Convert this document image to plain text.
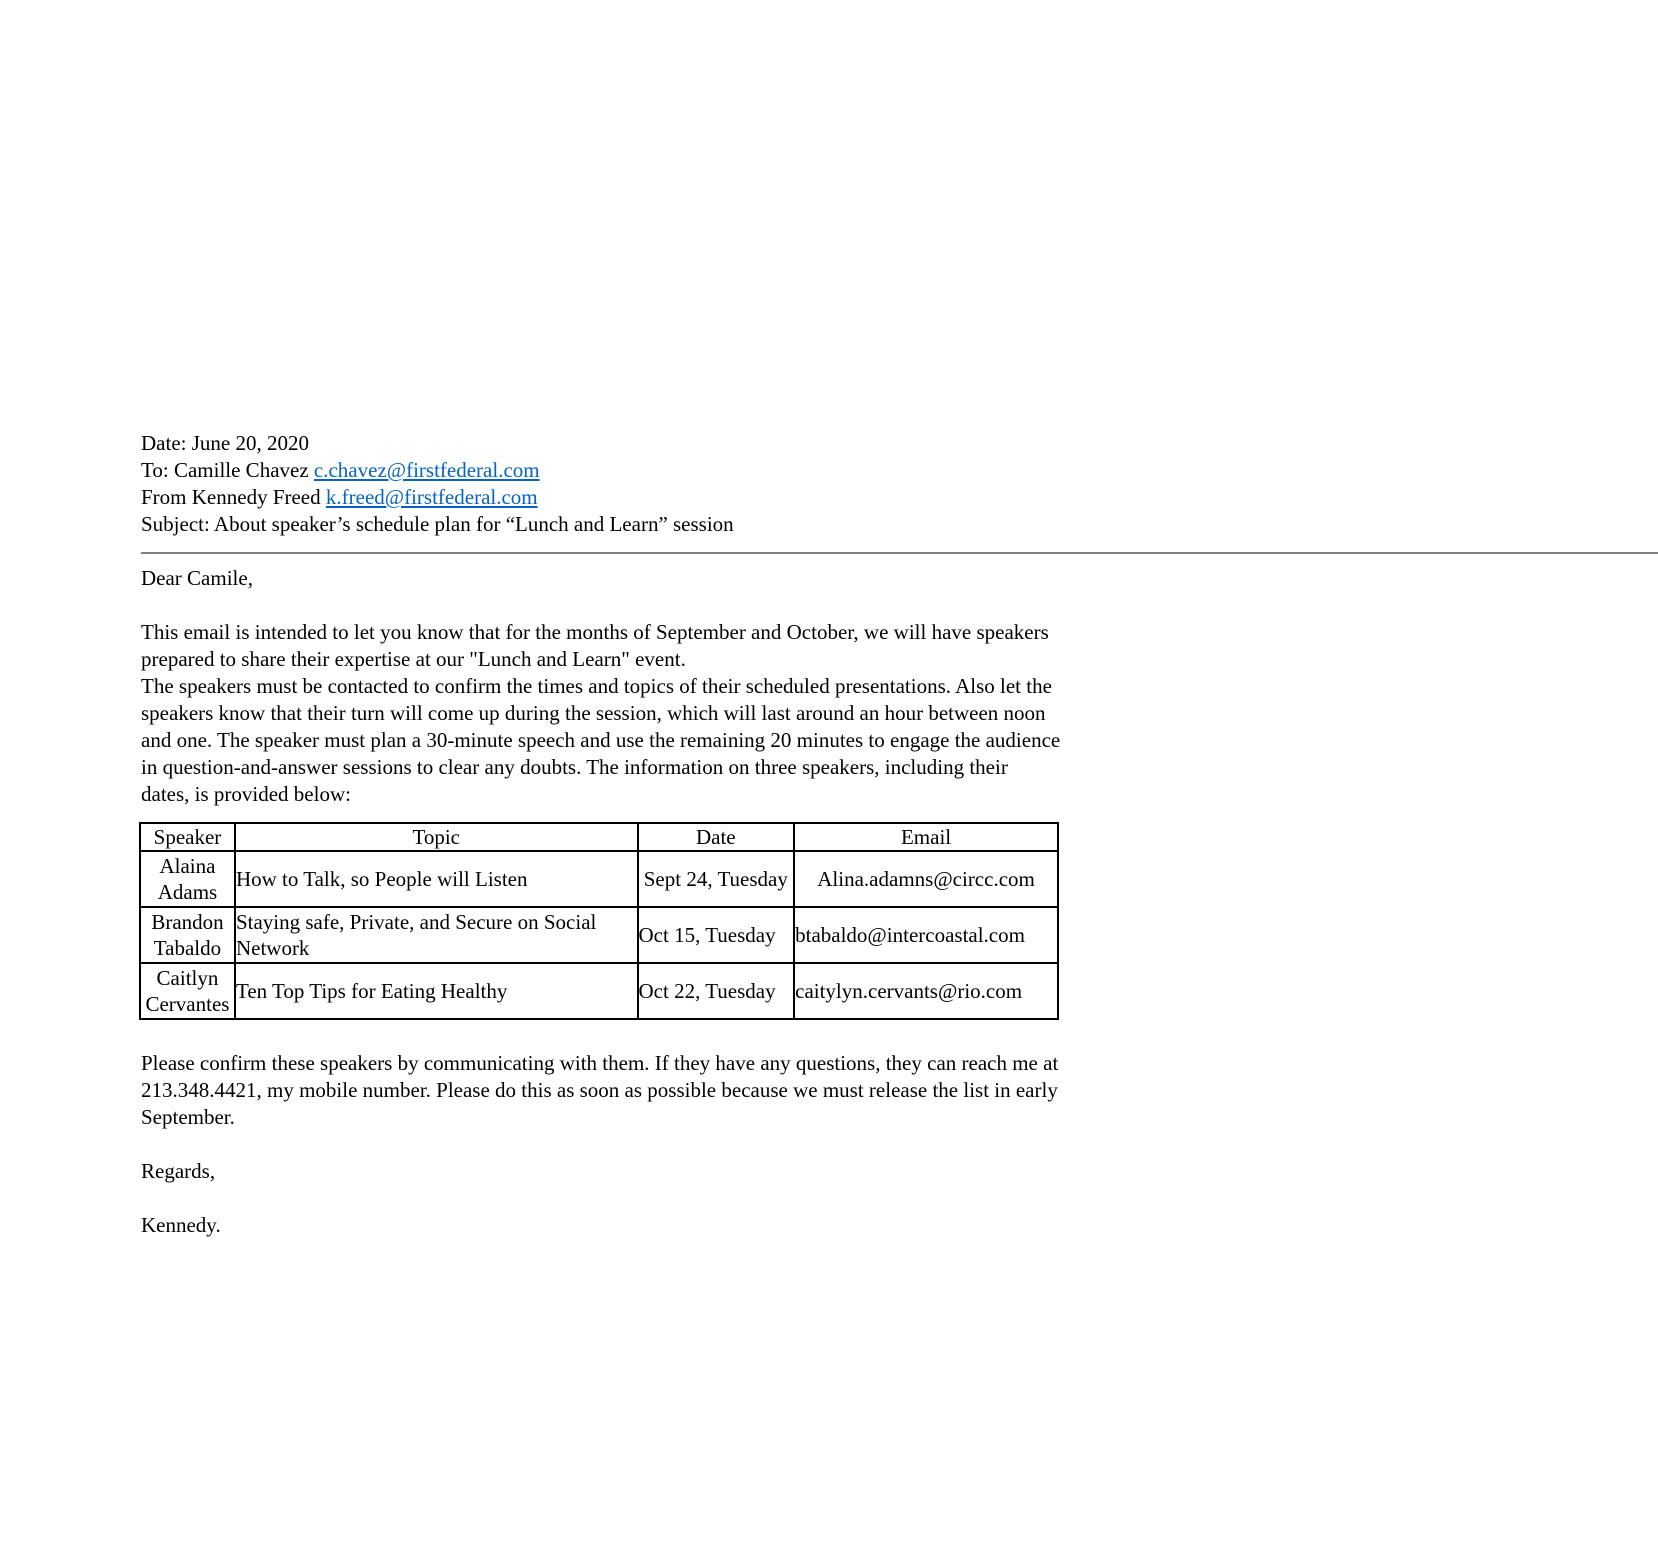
Date: June 20, 2020
To: Camille Chavez c.chavez@firstfederal.com
From Kennedy Freed k.freed@firstfederal.com
Subject: About speaker’s schedule plan for “Lunch and Learn” session
——————————————————————————————————————————————————————————————————————————
Dear Camile,

This email is intended to let you know that for the months of September and October, we will have speakers prepared to share their expertise at our "Lunch and Learn" event.

The speakers must be contacted to confirm the times and topics of their scheduled presentations. Also let the speakers know that their turn will come up during the session, which will last around an hour between noon and one. The speaker must plan a 30-minute speech and use the remaining 20 minutes to engage the audience in question-and-answer sessions to clear any doubts. The information on three speakers, including their dates, is provided below:

Speaker	Topic	Date	Email
Alaina Adams	How to Talk, so People will Listen	Sept 24, Tuesday	Alina.adamns@circc.com
Brandon Tabaldo	Staying safe, Private, and Secure on Social Network	Oct 15, Tuesday	btabaldo@intercoastal.com
Caitlyn Cervantes	Ten Top Tips for Eating Healthy	Oct 22, Tuesday	caitylyn.cervants@rio.com

Please confirm these speakers by communicating with them. If they have any questions, they can reach me at 213.348.4421, my mobile number. Please do this as soon as possible because we must release the list in early September.

Regards,
Kennedy.
